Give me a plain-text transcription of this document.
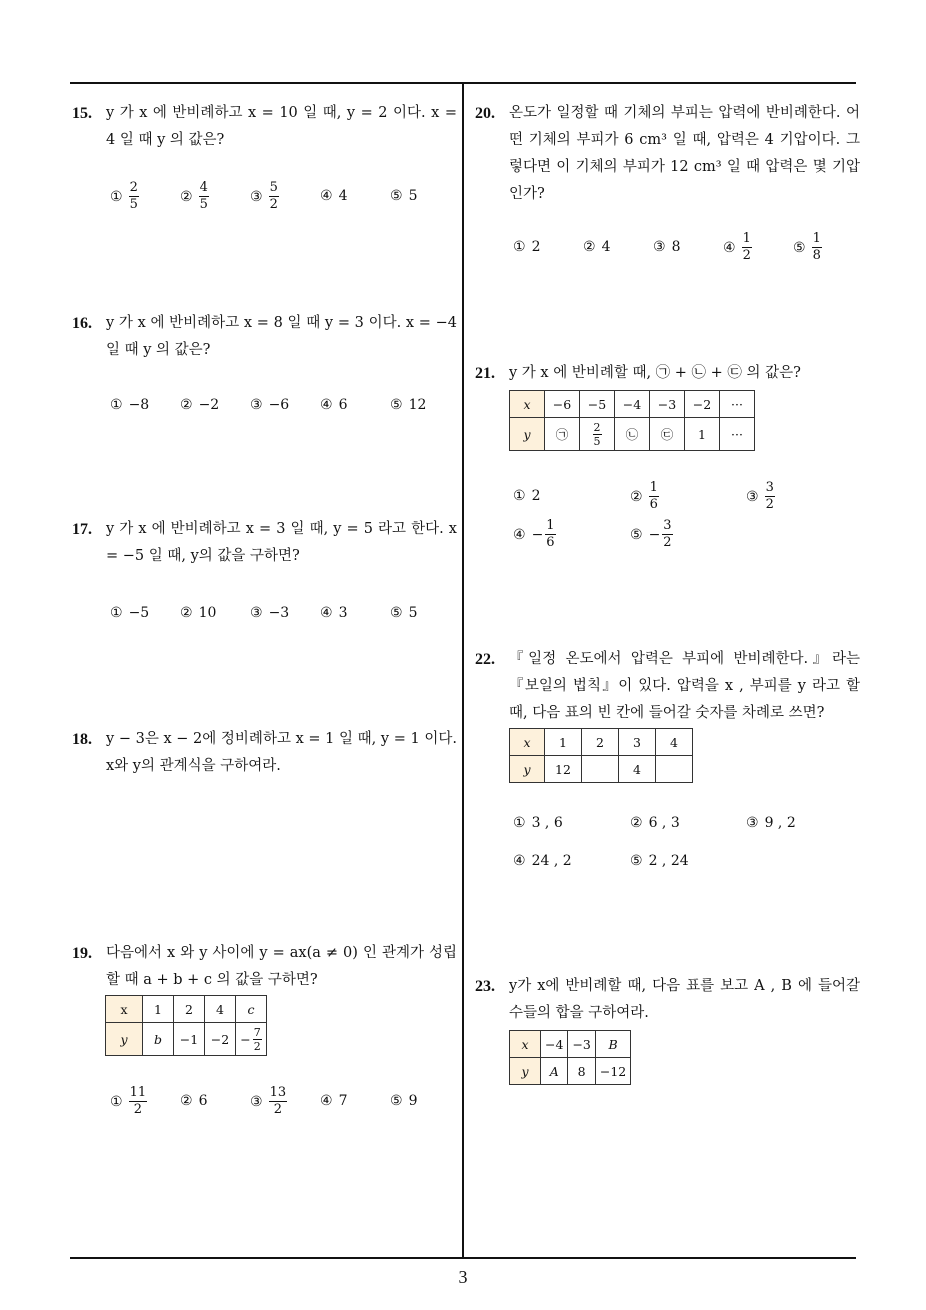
15. y 가 x 에 반비례하고 x = 10 일 때, y = 2 이다. x = 4 일 때 y 의 값은?
① $\frac{2}{5}$	② $\frac{4}{5}$	③ $\frac{5}{2}$	④ 4	⑤ 5
16. y 가 x 에 반비례하고 x = 8 일 때 y = 3 이다. x = −4 일 때 y 의 값은?
① −8 ② −2 ③ −6 ④ 6	⑤ 12
17. y 가 x 에 반비례하고 x = 3 일 때, y = 5 라고 한다. x = −5 일 때, y의 값을 구하면?
① −5 ② 10 ③ −3 ④ 3	⑤ 5
18. y − 3은 x − 2에 정비례하고 x = 1 일 때, y = 1 이다. x와 y의 관계식을 구하여라.
19. 다음에서 x 와 y 사이에 y = ax(a ≠ 0) 인 관계가 성립할 때 a + b + c 의 값을 구하면?
x	1	2	4	c
y	b	−1	−2	− $\frac{7}{2}$
① $\frac{11}{2}$ ② 6	③ $\frac{13}{2}$ ④ 7	⑤ 9
20. 온도가 일정할 때 기체의 부피는 압력에 반비례한다. 어떤 기체의 부피가 6 cm³ 일 때, 압력은 4 기압이다. 그렇다면 이 기체의 부피가 12 cm³ 일 때 압력은 몇 기압인가?
① 2	② 4	③ 8	④ $\frac{1}{2}$	⑤ $\frac{1}{8}$
21. y 가 x 에 반비례할 때, ㉠ + ㉡ + ㉢ 의 값은?
x	−6	−5	−4	−3	−2	···
y	㉠	$\frac{2}{5}$	㉡	㉢	1	···
① 2	② $\frac{1}{6}$	③ $\frac{3}{2}$
④ − $\frac{1}{6}$	⑤ − $\frac{3}{2}$
22. 『일정 온도에서 압력은 부피에 반비례한다.』라는 『보일의 법칙』이 있다. 압력을 x , 부피를 y 라고 할 때, 다음 표의 빈 칸에 들어갈 숫자를 차례로 쓰면?
x	1	2	3	4
y	12		4	
① 3 , 6	② 6 , 3	③ 9 , 2
④ 24 , 2	⑤ 2 , 24
23. y가 x에 반비례할 때, 다음 표를 보고 A , B 에 들어갈 수들의 합을 구하여라.
x	−4	−3	B
y	A	8	−12
3
